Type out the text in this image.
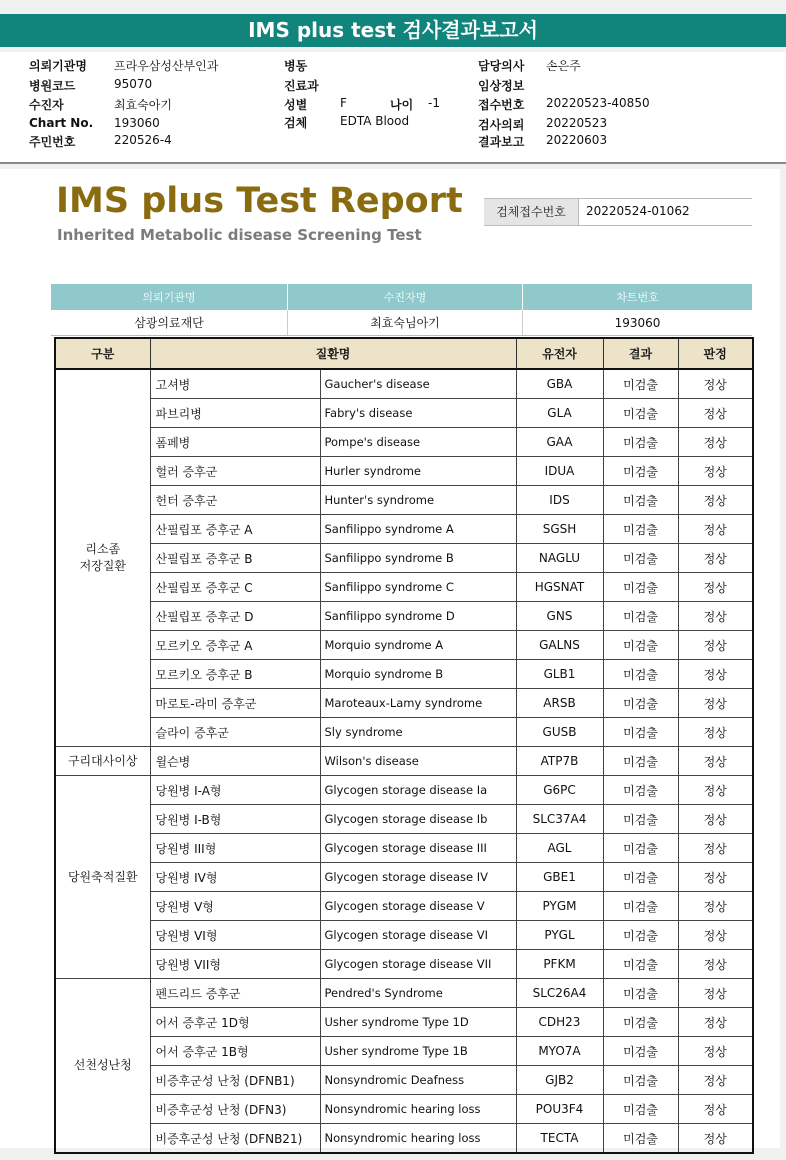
IMS plus test 검사결과보고서
의뢰기관명 프라우삼성산부인과
병원코드	95070
수진자	최효숙아기
Chart No. 193060
주민번호	220526-4
병동
진료과
성별	F	나이 -1
검체	EDTA Blood
담당의사 손은주
임상정보
접수번호 20220523-40850
검사의뢰 20220523
결과보고 20220603
IMS plus Test Report
Inherited Metabolic disease Screening Test
검체접수번호	20220524-01062
의뢰기관명	수진자명	차트번호
삼광의료재단	최효숙님아기	193060
구분	질환명		유전자	결과	판정
리소좀
저장질환	고셔병	Gaucher's disease	GBA	미검출	정상
	파브리병	Fabry's disease	GLA	미검출	정상
	폼페병	Pompe's disease	GAA	미검출	정상
	헐러 증후군	Hurler syndrome	IDUA	미검출	정상
	헌터 증후군	Hunter's syndrome	IDS	미검출	정상
	산필립포 증후군 A	Sanfilippo syndrome A	SGSH	미검출	정상
	산필립포 증후군 B	Sanfilippo syndrome B	NAGLU	미검출	정상
	산필립포 증후군 C	Sanfilippo syndrome C	HGSNAT	미검출	정상
	산필립포 증후군 D	Sanfilippo syndrome D	GNS	미검출	정상
	모르키오 증후군 A	Morquio syndrome A	GALNS	미검출	정상
	모르키오 증후군 B	Morquio syndrome B	GLB1	미검출	정상
	마로토-라미 증후군	Maroteaux-Lamy syndrome	ARSB	미검출	정상
	슬라이 증후군	Sly syndrome	GUSB	미검출	정상
구리대사이상	윌슨병	Wilson's disease	ATP7B	미검출	정상
당원축적질환	당원병 I-A형	Glycogen storage disease Ia	G6PC	미검출	정상
	당원병 I-B형	Glycogen storage disease Ib	SLC37A4	미검출	정상
	당원병 III형	Glycogen storage disease III	AGL	미검출	정상
	당원병 IV형	Glycogen storage disease IV	GBE1	미검출	정상
	당원병 V형	Glycogen storage disease V	PYGM	미검출	정상
	당원병 VI형	Glycogen storage disease VI	PYGL	미검출	정상
	당원병 VII형	Glycogen storage disease VII	PFKM	미검출	정상
선천성난청	펜드리드 증후군	Pendred's Syndrome	SLC26A4	미검출	정상
	어서 증후군 1D형	Usher syndrome Type 1D	CDH23	미검출	정상
	어서 증후군 1B형	Usher syndrome Type 1B	MYO7A	미검출	정상
	비증후군성 난청 (DFNB1)	Nonsyndromic Deafness	GJB2	미검출	정상
	비증후군성 난청 (DFN3)	Nonsyndromic hearing loss	POU3F4	미검출	정상
	비증후군성 난청 (DFNB21)	Nonsyndromic hearing loss	TECTA	미검출	정상
